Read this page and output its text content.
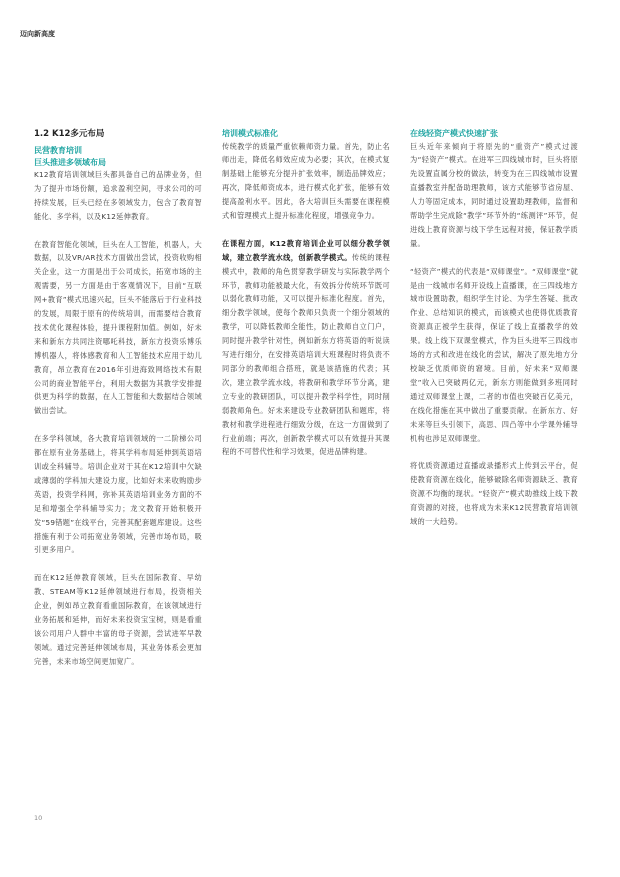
迈向新高度
1.2 K12多元布局
民营教育培训
巨头推进多领域布局

K12教育培训领域巨头都具备自己的品牌业务，但为了提升市场份额，追求盈利空间，寻求公司的可持续发展，巨头已经在多领域发力，包含了教育智能化、多学科，以及K12延伸教育。

在教育智能化领域，巨头在人工智能，机器人，大数据，以及VR/AR技术方面做出尝试，投资收购相关企业，这一方面是出于公司成长，拓宽市场的主观需要，另一方面是由于客观情况下，目前“互联网+教育”模式迅速兴起，巨头不能落后于行业科技的发展，局限于原有的传统培训，而需要结合教育技术优化课程体验，提升课程附加值。例如，好未来和新东方共同注资哪吒科技，新东方投资乐博乐博机器人，将体感教育和人工智能技术应用于幼儿教育，昂立教育在2016年引进海致网络技术有限公司的商业智能平台，利用大数据为其教学安排提供更为科学的数据，在人工智能和大数据结合领域做出尝试。

在多学科领域，各大教育培训领域的一二阶梯公司都在原有业务基础上，将其学科布局延伸到英语培训或全科辅导。培训企业对于其在K12培训中欠缺或薄弱的学科加大建设力度，比如好未来收购励步英语，投资学科网，弥补其英语培训业务方面的不足和增强全学科辅导实力；龙文教育开始积极开发“59错题”在线平台，完善其配套题库建设。这些措施有利于公司拓宽业务领域，完善市场布局，吸引更多用户。

而在K12延伸教育领域，巨头在国际教育、早幼教、STEAM等K12延伸领域进行布局，投资相关企业，例如昂立教育看重国际教育，在该领域进行业务拓展和延伸，而好未来投资宝宝树，则是看重该公司用户人群中丰富的母子资源，尝试进军早教领域。通过完善延伸领域布局，其业务体系会更加完善，未来市场空间更加宽广。

培训模式标准化

传统教学的质量严重依赖师资力量。首先，防止名师出走，降低名师效应成为必要；其次，在模式复制基础上能够充分提升扩张效率，制造品牌效应；再次，降低师资成本，进行模式化扩张，能够有效提高盈利水平。因此，各大培训巨头需要在课程模式和管理模式上提升标准化程度，增强竞争力。

在课程方面，K12教育培训企业可以细分教学领域，建立教学流水线，创新教学模式。传统的课程模式中，教师的角色贯穿教学研发与实际教学两个环节，教师功能被最大化，有效拆分传统环节既可以弱化教师功能，又可以提升标准化程度。首先，细分教学领域，使每个教师只负责一个细分领域的教学，可以降低教师全能性，防止教师自立门户，同时提升教学针对性，例如新东方将英语的听说读写进行细分，在安排英语培训大班课程时将负责不同部分的教师组合搭班，就是该措施的代表；其次，建立教学流水线，将教研和教学环节分离，建立专业的教研团队，可以提升教学科学性，同时削弱教师角色。好未来建设专业教研团队和题库，将教材和教学进程进行细致分级，在这一方面做到了行业前端；再次，创新教学模式可以有效提升其课程的不可替代性和学习效果，促进品牌构建。

在线轻资产模式快速扩张

巨头近年来倾向于将原先的“重资产”模式过渡为“轻资产”模式。在进军三四线城市时，巨头将原先设置直属分校的做法，转变为在三四线城市设置直播教室并配备助理教师，该方式能够节省房屋、人力等固定成本，同时通过设置助理教师，监督和帮助学生完成除“教学”环节外的“练测评”环节，促进线上教育资源与线下学生远程对接，保证教学质量。

“轻资产”模式的代表是“双师课堂”。“双师课堂”就是由一线城市名师开设线上直播课，在三四线地方城市设置助教，组织学生讨论、为学生答疑、批改作业、总结知识的模式，而该模式也使得优质教育资源真正被学生获得，保证了线上直播教学的效果。线上线下双课堂模式，作为巨头进军三四线市场的方式和改进在线化的尝试，解决了原先地方分校缺乏优质师资的窘境。目前，好未来“双师课堂”收入已突破两亿元，新东方则能做到多班同时通过双师课堂上课，二者的市值也突破百亿美元，在线化措施在其中做出了重要贡献。在新东方、好未来等巨头引领下，高思、四凸等中小学课外辅导机构也涉足双师课堂。

将优质资源通过直播或录播形式上传到云平台，促使教育资源在线化，能够破除名师资源缺乏、教育资源不均衡的现状。“轻资产”模式助推线上线下教育资源的对接，也将成为未来K12民营教育培训领域的一大趋势。

10
